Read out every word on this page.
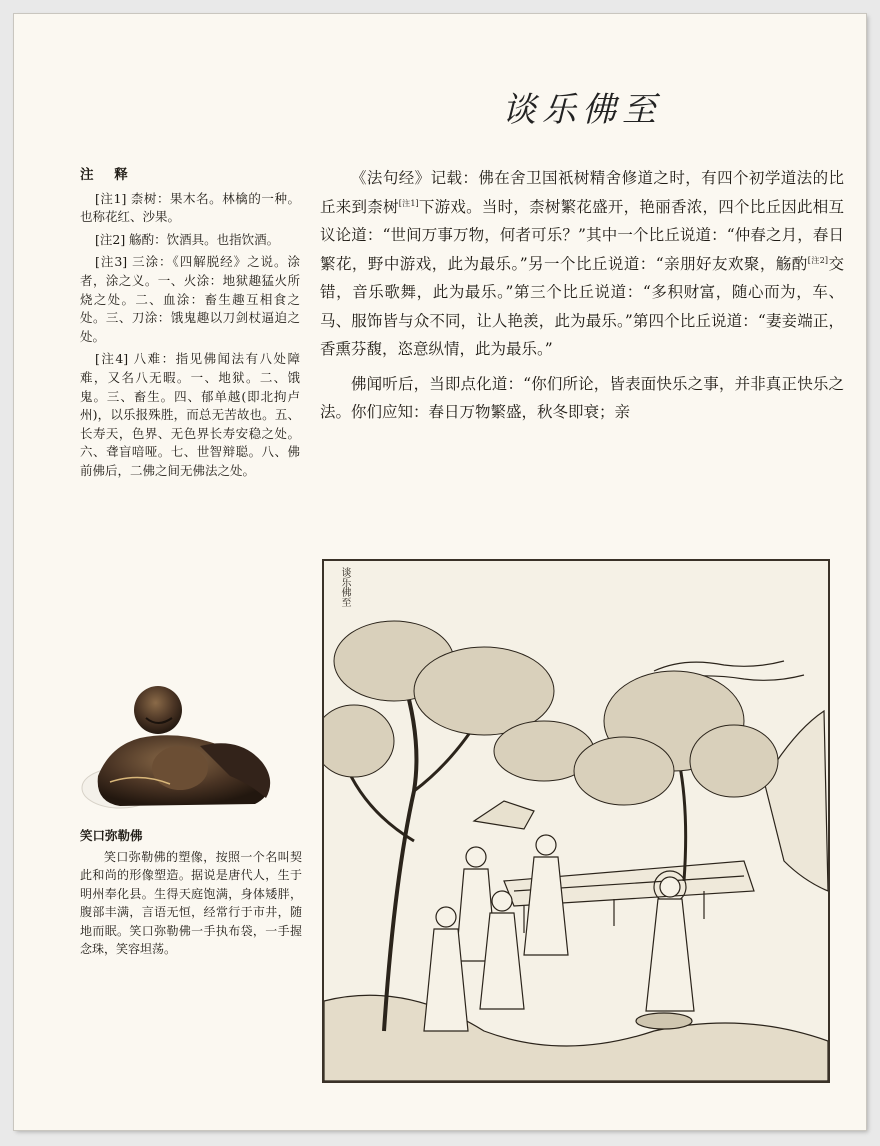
谈乐佛至
注 释
[注1] 柰树：果木名。林檎的一种。也称花红、沙果。
[注2] 觞酌：饮酒具。也指饮酒。
[注3] 三涂：《四解脱经》之说。涂者，涂之义。一、火涂：地狱趣猛火所烧之处。二、血涂：畜生趣互相食之处。三、刀涂：饿鬼趣以刀剑杖逼迫之处。
[注4] 八难：指见佛闻法有八处障难，又名八无暇。一、地狱。二、饿鬼。三、畜生。四、郁单越(即北拘卢州)，以乐报殊胜，而总无苦故也。五、长寿天，色界、无色界长寿安稳之处。六、聋盲喑哑。七、世智辩聪。八、佛前佛后，二佛之间无佛法之处。
笑口弥勒佛
笑口弥勒佛的塑像，按照一个名叫契此和尚的形像塑造。据说是唐代人，生于明州奉化县。生得天庭饱满，身体矮胖，腹部丰满，言语无恒，经常行于市井，随地而眠。笑口弥勒佛一手执布袋，一手握念珠，笑容坦荡。

《法句经》记载：佛在舍卫国祇树精舍修道之时，有四个初学道法的比丘来到柰树[注1]下游戏。当时，柰树繁花盛开，艳丽香浓，四个比丘因此相互议论道：“世间万事万物，何者可乐？”其中一个比丘说道：“仲春之月，春日繁花，野中游戏，此为最乐。”另一个比丘说道：“亲朋好友欢聚，觞酌[注2]交错，音乐歌舞，此为最乐。”第三个比丘说道：“多积财富，随心而为，车、马、服饰皆与众不同，让人艳羡，此为最乐。”第四个比丘说道：“妻妾端正，香熏芬馥，恣意纵情，此为最乐。”

佛闻听后，当即点化道：“你们所论，皆表面快乐之事，并非真正快乐之法。你们应知：春日万物繁盛，秋冬即衰；亲

谈乐佛至
